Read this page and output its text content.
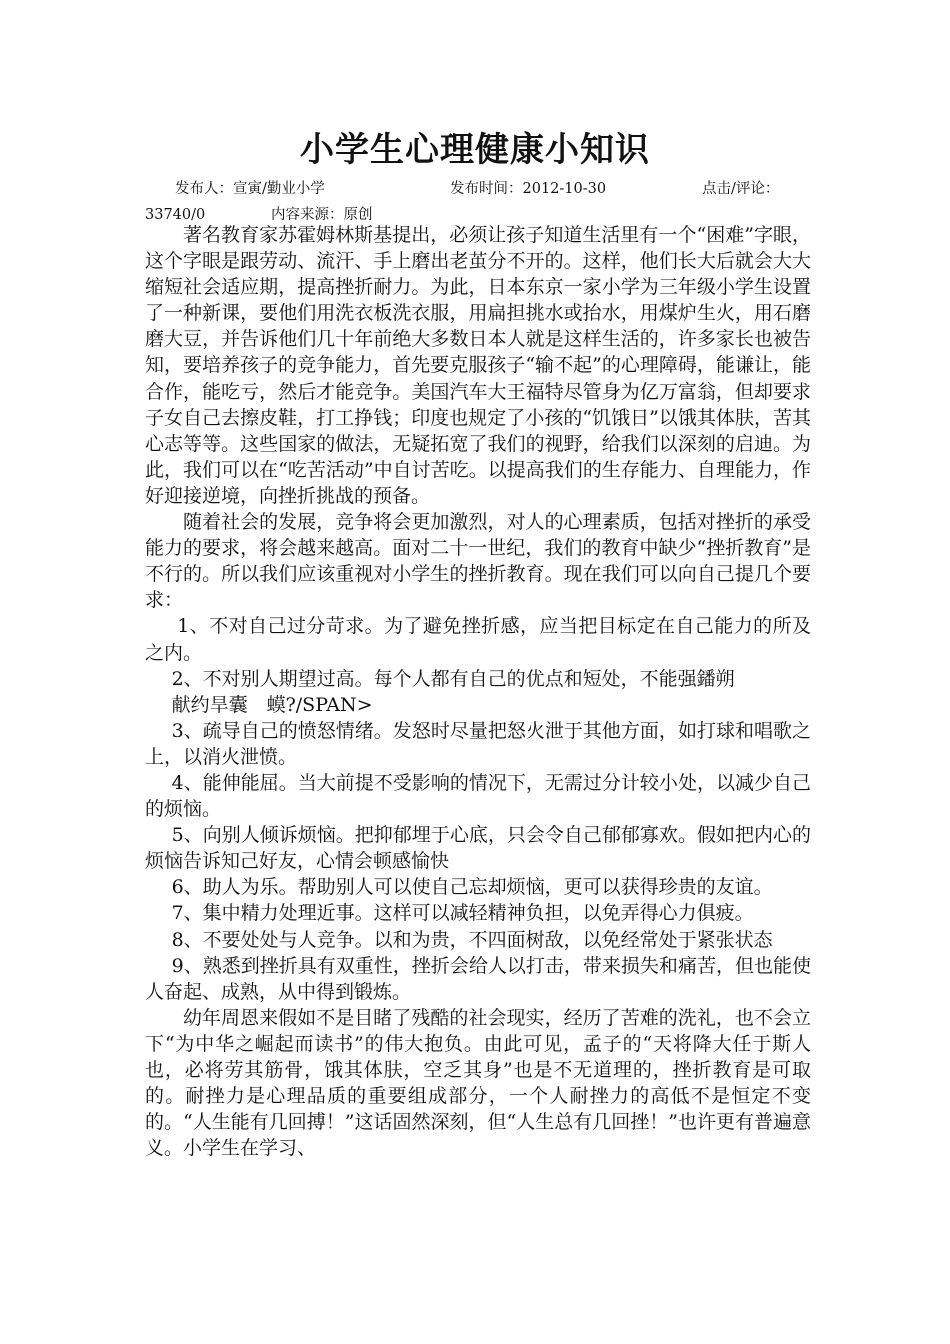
小学生心理健康小知识
发布人：宣寅/勤业小学	发布时间：2012-10-30	点击/评论：
33740/0	内容来源：原创

著名教育家苏霍姆林斯基提出，必须让孩子知道生活里有一个“困难”字眼，这个字眼是跟劳动、流汗、手上磨出老茧分不开的。这样，他们长大后就会大大缩短社会适应期，提高挫折耐力。为此，日本东京一家小学为三年级小学生设置了一种新课，要他们用洗衣板洗衣服，用扁担挑水或抬水，用煤炉生火，用石磨磨大豆，并告诉他们几十年前绝大多数日本人就是这样生活的，许多家长也被告知，要培养孩子的竞争能力，首先要克服孩子“输不起”的心理障碍，能谦让，能合作，能吃亏，然后才能竞争。美国汽车大王福特尽管身为亿万富翁，但却要求子女自己去擦皮鞋，打工挣钱；印度也规定了小孩的“饥饿日”以饿其体肤，苦其心志等等。这些国家的做法，无疑拓宽了我们的视野，给我们以深刻的启迪。为此，我们可以在“吃苦活动”中自讨苦吃。以提高我们的生存能力、自理能力，作好迎接逆境，向挫折挑战的预备。

随着社会的发展，竞争将会更加激烈，对人的心理素质，包括对挫折的承受能力的要求，将会越来越高。面对二十一世纪，我们的教育中缺少“挫折教育”是不行的。所以我们应该重视对小学生的挫折教育。现在我们可以向自己提几个要求：

1、不对自己过分苛求。为了避免挫折感，应当把目标定在自己能力的所及之内。

2、不对别人期望过高。每个人都有自己的优点和短处，不能强鐇朔

献约旱囊　蟆?/SPAN>

3、疏导自己的愤怒情绪。发怒时尽量把怒火泄于其他方面，如打球和唱歌之上，以消火泄愤。

4、能伸能屈。当大前提不受影响的情况下，无需过分计较小处，以减少自己的烦恼。

5、向别人倾诉烦恼。把抑郁埋于心底，只会令自己郁郁寡欢。假如把内心的烦恼告诉知己好友，心情会顿感愉快

6、助人为乐。帮助别人可以使自己忘却烦恼，更可以获得珍贵的友谊。

7、集中精力处理近事。这样可以减轻精神负担，以免弄得心力俱疲。

8、不要处处与人竞争。以和为贵，不四面树敌，以免经常处于紧张状态

9、熟悉到挫折具有双重性，挫折会给人以打击，带来损失和痛苦，但也能使人奋起、成熟，从中得到锻炼。

幼年周恩来假如不是目睹了残酷的社会现实，经历了苦难的洗礼，也不会立下“为中华之崛起而读书”的伟大抱负。由此可见，孟子的“天将降大任于斯人也，必将劳其筋骨，饿其体肤，空乏其身”也是不无道理的，挫折教育是可取的。耐挫力是心理品质的重要组成部分，一个人耐挫力的高低不是恒定不变的。“人生能有几回搏！”这话固然深刻，但“人生总有几回挫！”也许更有普遍意义。小学生在学习、
